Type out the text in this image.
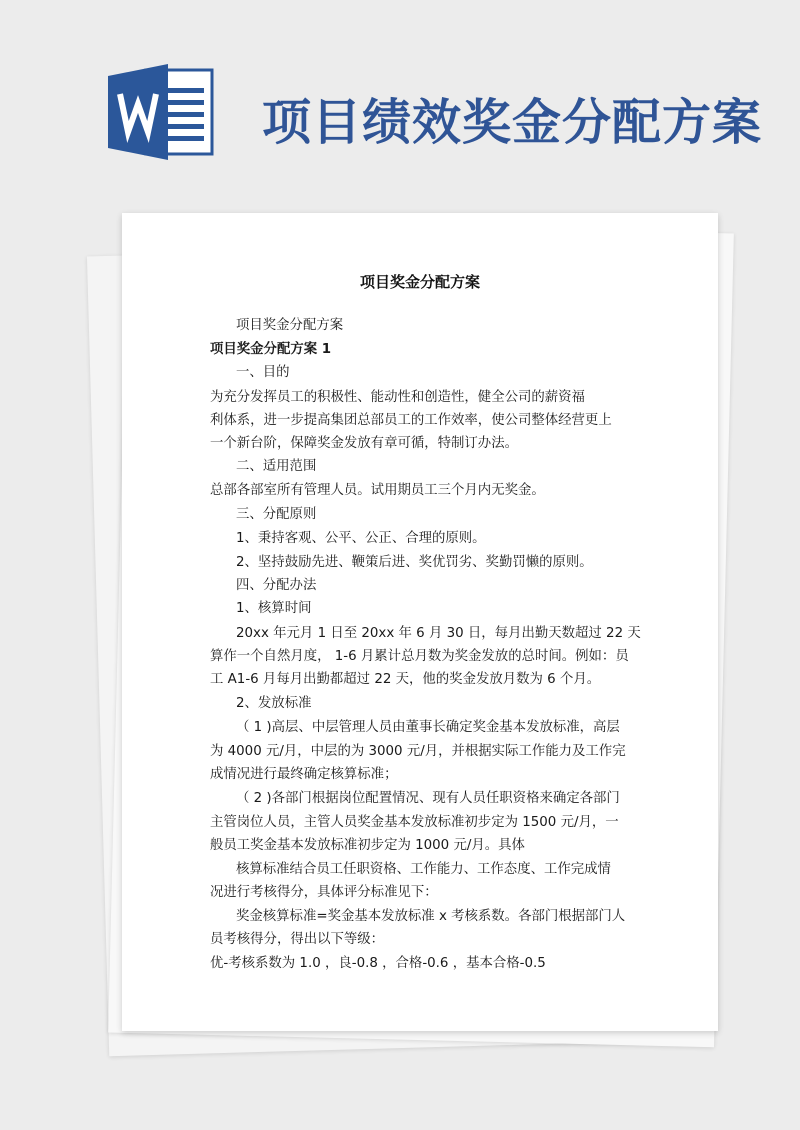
项目绩效奖金分配方案
项目奖金分配方案
项目奖金分配方案
项目奖金分配方案 1
一、目的
为充分发挥员工的积极性、能动性和创造性，健全公司的薪资福
利体系，进一步提高集团总部员工的工作效率，使公司整体经营更上
一个新台阶，保障奖金发放有章可循，特制订办法。
二、适用范围
总部各部室所有管理人员。试用期员工三个月内无奖金。
三、分配原则
1、秉持客观、公平、公正、合理的原则。
2、坚持鼓励先进、鞭策后进、奖优罚劣、奖勤罚懒的原则。
四、分配办法
1、核算时间
20xx 年元月 1 日至 20xx 年 6 月 30 日，每月出勤天数超过 22 天
算作一个自然月度， 1-6 月累计总月数为奖金发放的总时间。例如：员
工 A1-6 月每月出勤都超过 22 天，他的奖金发放月数为 6 个月。
2、发放标准
（ 1 )高层、中层管理人员由董事长确定奖金基本发放标准，高层
为 4000 元/月，中层的为 3000 元/月，并根据实际工作能力及工作完
成情况进行最终确定核算标准；
（ 2 )各部门根据岗位配置情况、现有人员任职资格来确定各部门
主管岗位人员，主管人员奖金基本发放标准初步定为 1500 元/月，一
般员工奖金基本发放标准初步定为 1000 元/月。具体
核算标准结合员工任职资格、工作能力、工作态度、工作完成情
况进行考核得分，具体评分标准见下：
奖金核算标准=奖金基本发放标准 x 考核系数。各部门根据部门人
员考核得分，得出以下等级：
优-考核系数为 1.0 ，良-0.8 ，合格-0.6 ，基本合格-0.5
